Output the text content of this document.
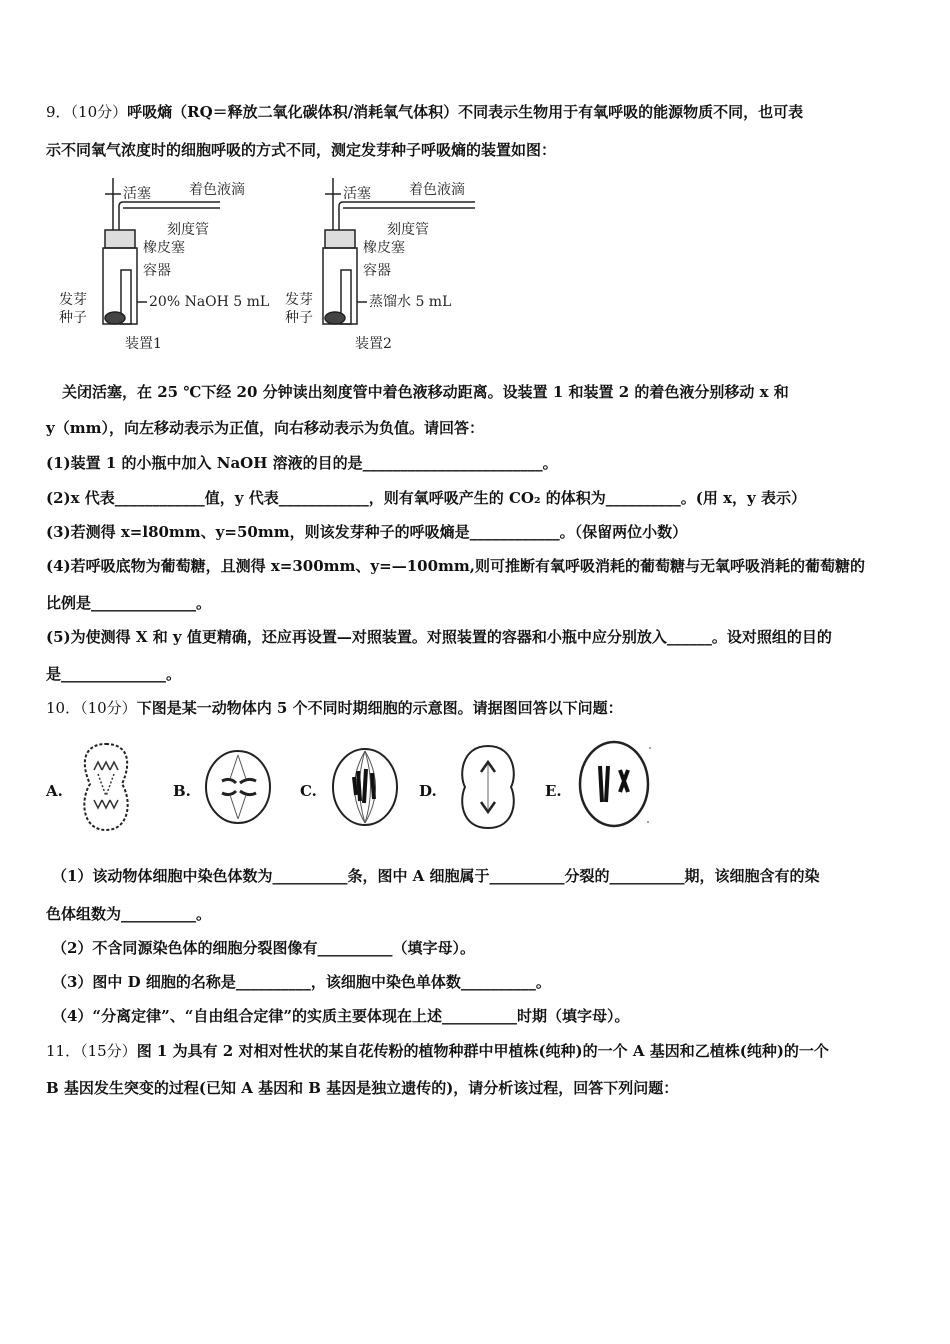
9．（10分）呼吸熵（RQ＝释放二氧化碳体积/消耗氧气体积）不同表示生物用于有氧呼吸的能源物质不同，也可表
示不同氧气浓度时的细胞呼吸的方式不同，测定发芽种子呼吸熵的装置如图：
活塞	着色液滴
刻度管
橡皮塞
容器
20% NaOH 5 mL
发芽
种子
装置1
活塞	着色液滴
刻度管
橡皮塞
容器
蒸馏水 5 mL
发芽
种子
装置2
关闭活塞，在 25 ℃下经 20 分钟读出刻度管中着色液移动距离。设装置 1 和装置 2 的着色液分别移动 x 和
y（mm），向左移动表示为正值，向右移动表示为负值。请回答：
(1)装置 1 的小瓶中加入 NaOH 溶液的目的是________________________。
(2)x 代表____________值，y 代表____________，则有氧呼吸产生的 CO₂ 的体积为__________。(用 x，y 表示）
(3)若测得 x=l80mm、y=50mm，则该发芽种子的呼吸熵是____________。（保留两位小数）
(4)若呼吸底物为葡萄糖，且测得 x=300mm、y=—100mm,则可推断有氧呼吸消耗的葡萄糖与无氧呼吸消耗的葡萄糖的
比例是______________。
(5)为使测得 X 和 y 值更精确，还应再设置—对照装置。对照装置的容器和小瓶中应分别放入______。设对照组的目的
是______________。
10．（10分）下图是某一动物体内 5 个不同时期细胞的示意图。请据图回答以下问题：
A.	B.	C.	D.	E.
（1）该动物体细胞中染色体数为__________条，图中 A 细胞属于__________分裂的__________期，该细胞含有的染
色体组数为__________。
（2）不含同源染色体的细胞分裂图像有__________（填字母）。
（3）图中 D 细胞的名称是__________，该细胞中染色单体数__________。
（4）“分离定律”、“自由组合定律”的实质主要体现在上述__________时期（填字母）。
11．（15分）图 1 为具有 2 对相对性状的某自花传粉的植物种群中甲植株(纯种)的一个 A 基因和乙植株(纯种)的一个
B 基因发生突变的过程(已知 A 基因和 B 基因是独立遗传的)，请分析该过程，回答下列问题：
